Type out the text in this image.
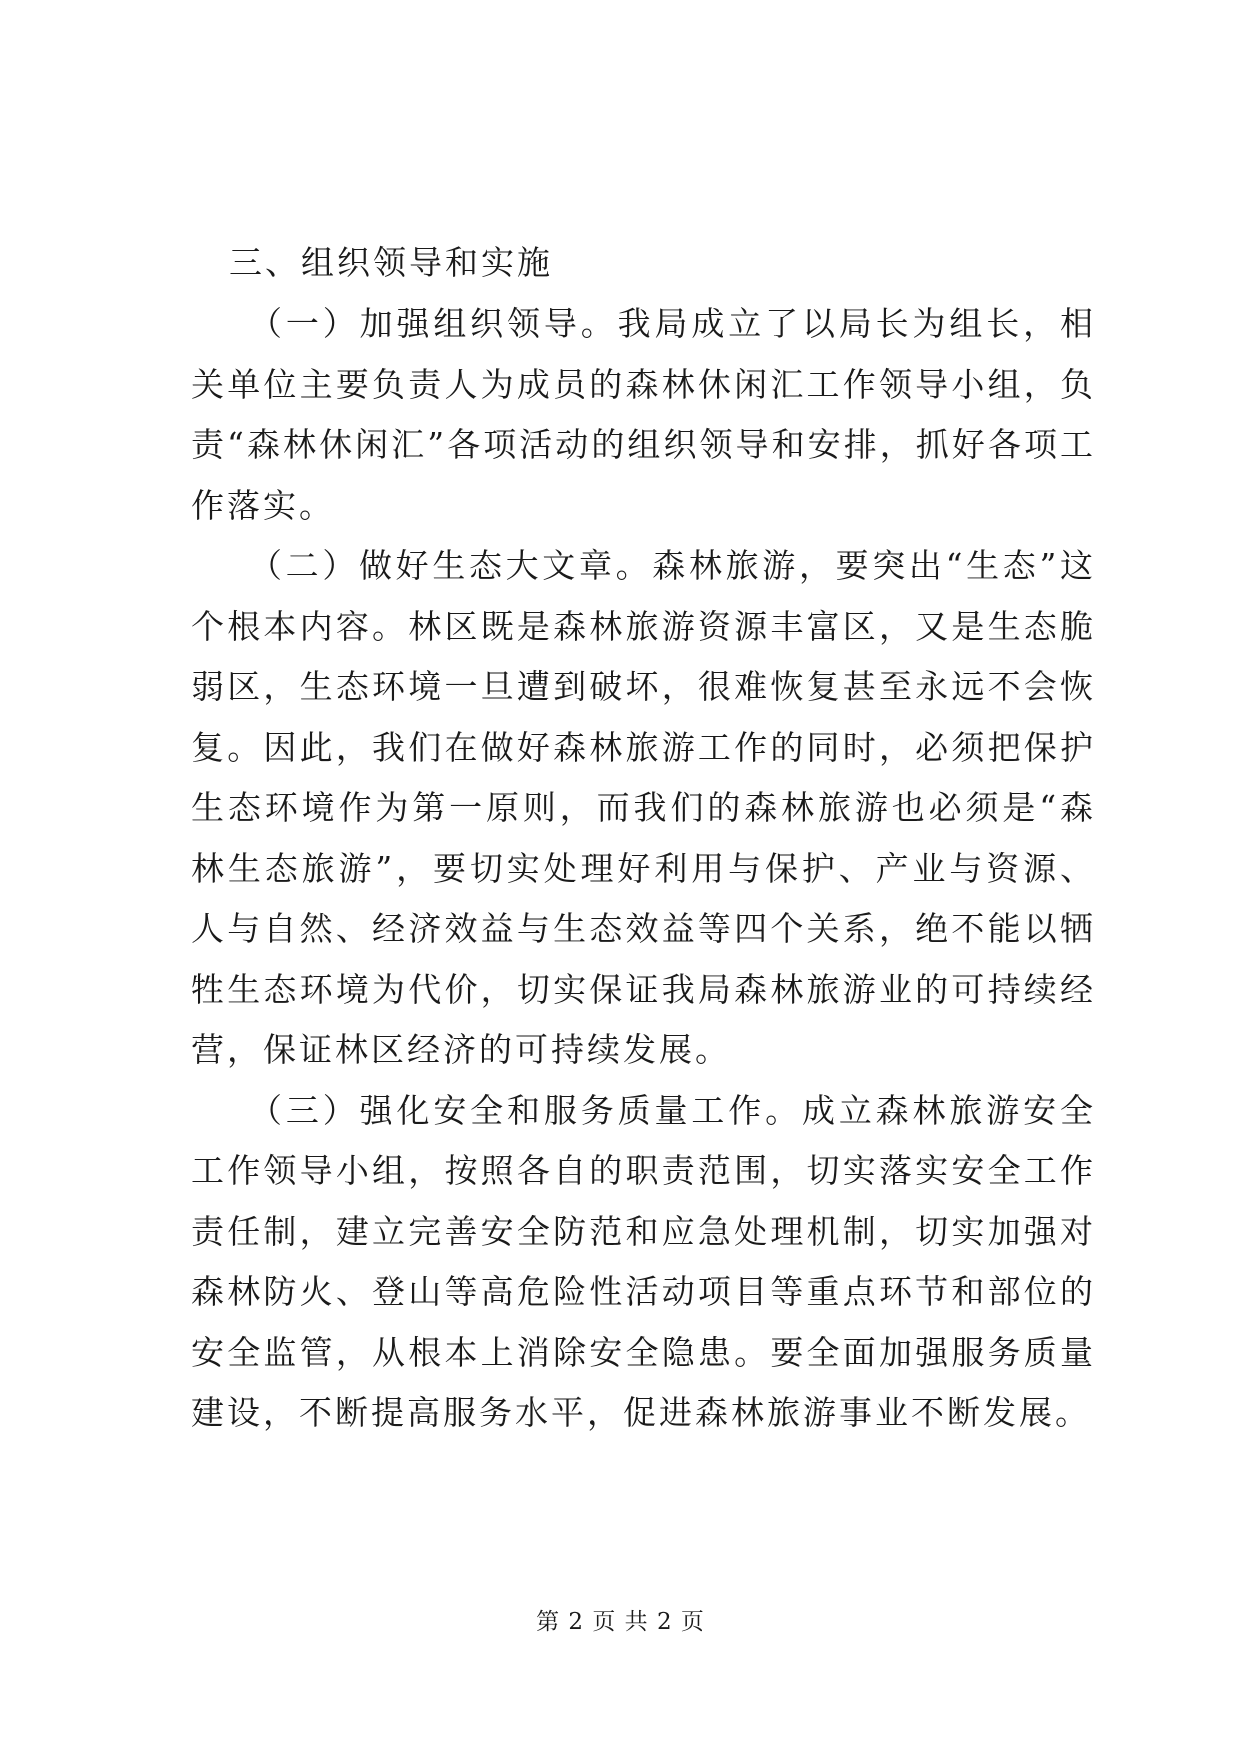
三、组织领导和实施

（一）加强组织领导。我局成立了以局长为组长，相关单位主要负责人为成员的森林休闲汇工作领导小组，负责“森林休闲汇”各项活动的组织领导和安排，抓好各项工作落实。

（二）做好生态大文章。森林旅游，要突出“生态”这个根本内容。林区既是森林旅游资源丰富区，又是生态脆弱区，生态环境一旦遭到破坏，很难恢复甚至永远不会恢复。因此，我们在做好森林旅游工作的同时，必须把保护生态环境作为第一原则，而我们的森林旅游也必须是“森林生态旅游”，要切实处理好利用与保护、产业与资源、人与自然、经济效益与生态效益等四个关系，绝不能以牺牲生态环境为代价，切实保证我局森林旅游业的可持续经营，保证林区经济的可持续发展。

（三）强化安全和服务质量工作。成立森林旅游安全工作领导小组，按照各自的职责范围，切实落实安全工作责任制，建立完善安全防范和应急处理机制，切实加强对森林防火、登山等高危险性活动项目等重点环节和部位的安全监管，从根本上消除安全隐患。要全面加强服务质量建设，不断提高服务水平，促进森林旅游事业不断发展。

第 2 页 共 2 页
